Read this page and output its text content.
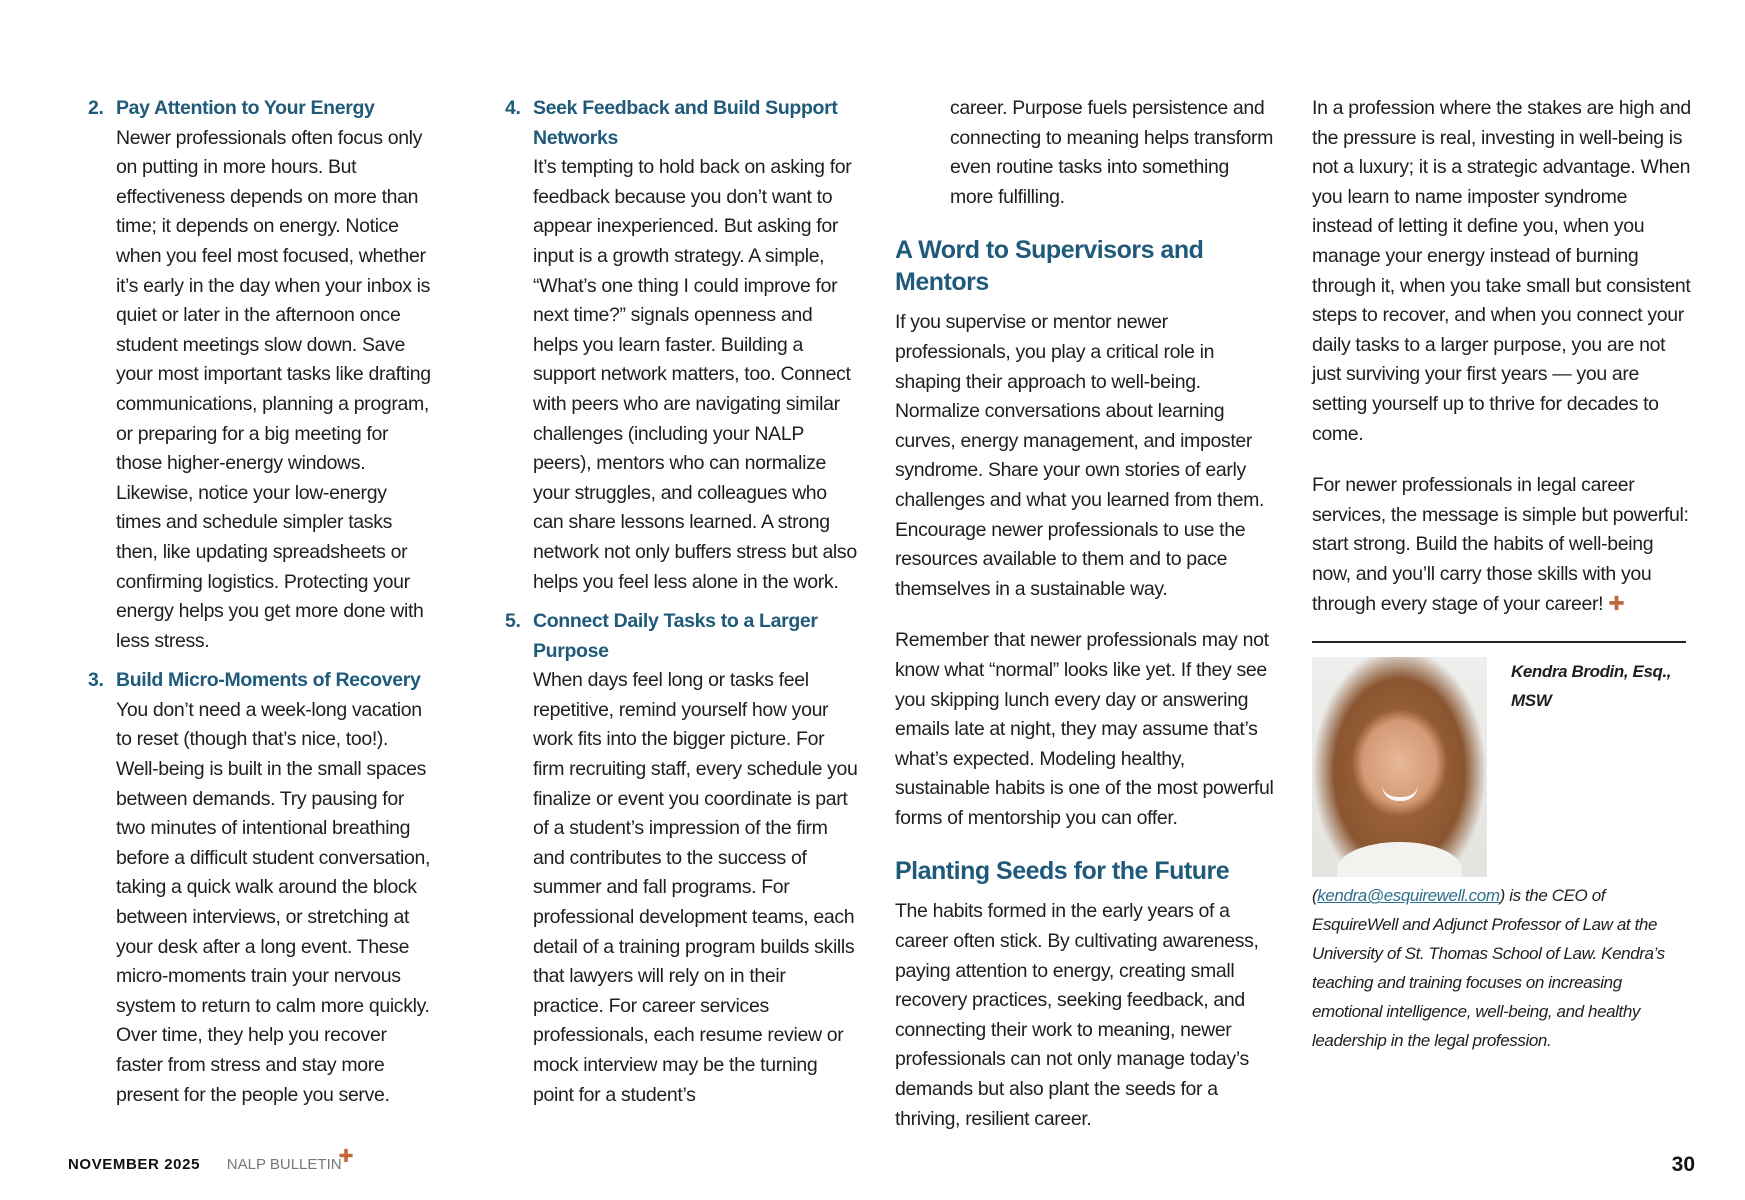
2. Pay Attention to Your Energy
Newer professionals often focus only on putting in more hours. But effectiveness depends on more than time; it depends on energy. Notice when you feel most focused, whether it’s early in the day when your inbox is quiet or later in the afternoon once student meetings slow down. Save your most important tasks like drafting communications, planning a program, or preparing for a big meeting for those higher-energy windows. Likewise, notice your low-energy times and schedule simpler tasks then, like updating spreadsheets or confirming logistics. Protecting your energy helps you get more done with less stress.
3. Build Micro-Moments of Recovery
You don’t need a week-long vacation to reset (though that’s nice, too!). Well-being is built in the small spaces between demands. Try pausing for two minutes of intentional breathing before a difficult student conversation, taking a quick walk around the block between interviews, or stretching at your desk after a long event. These micro-moments train your nervous system to return to calm more quickly. Over time, they help you recover faster from stress and stay more present for the people you serve.
4. Seek Feedback and Build Support Networks
It’s tempting to hold back on asking for feedback because you don’t want to appear inexperienced. But asking for input is a growth strategy. A simple, “What’s one thing I could improve for next time?” signals openness and helps you learn faster. Building a support network matters, too. Connect with peers who are navigating similar challenges (including your NALP peers), mentors who can normalize your struggles, and colleagues who can share lessons learned. A strong network not only buffers stress but also helps you feel less alone in the work.
5. Connect Daily Tasks to a Larger Purpose
When days feel long or tasks feel repetitive, remind yourself how your work fits into the bigger picture. For firm recruiting staff, every schedule you finalize or event you coordinate is part of a student’s impression of the firm and contributes to the success of summer and fall programs. For professional development teams, each detail of a training program builds skills that lawyers will rely on in their practice. For career services professionals, each resume review or mock interview may be the turning point for a student’s

career. Purpose fuels persistence and connecting to meaning helps transform even routine tasks into something more fulfilling.

A Word to Supervisors and Mentors

If you supervise or mentor newer professionals, you play a critical role in shaping their approach to well-being. Normalize conversations about learning curves, energy management, and imposter syndrome. Share your own stories of early challenges and what you learned from them. Encourage newer professionals to use the resources available to them and to pace themselves in a sustainable way.

Remember that newer professionals may not know what “normal” looks like yet. If they see you skipping lunch every day or answering emails late at night, they may assume that’s what’s expected. Modeling healthy, sustainable habits is one of the most powerful forms of mentorship you can offer.

Planting Seeds for the Future

The habits formed in the early years of a career often stick. By cultivating awareness, paying attention to energy, creating small recovery practices, seeking feedback, and connecting their work to meaning, newer professionals can not only manage today’s demands but also plant the seeds for a thriving, resilient career.

In a profession where the stakes are high and the pressure is real, investing in well-being is not a luxury; it is a strategic advantage. When you learn to name imposter syndrome instead of letting it define you, when you manage your energy instead of burning through it, when you take small but consistent steps to recover, and when you connect your daily tasks to a larger purpose, you are not just surviving your first years — you are setting yourself up to thrive for decades to come.

For newer professionals in legal career services, the message is simple but powerful: start strong. Build the habits of well-being now, and you’ll carry those skills with you through every stage of your career! ✚

Kendra Brodin, Esq., MSW (kendra@esquirewell.com) is the CEO of EsquireWell and Adjunct Professor of Law at the University of St. Thomas School of Law. Kendra’s teaching and training focuses on increasing emotional intelligence, well-being, and healthy leadership in the legal profession.
NOVEMBER 2025 NALP BULLETIN
✚	30
